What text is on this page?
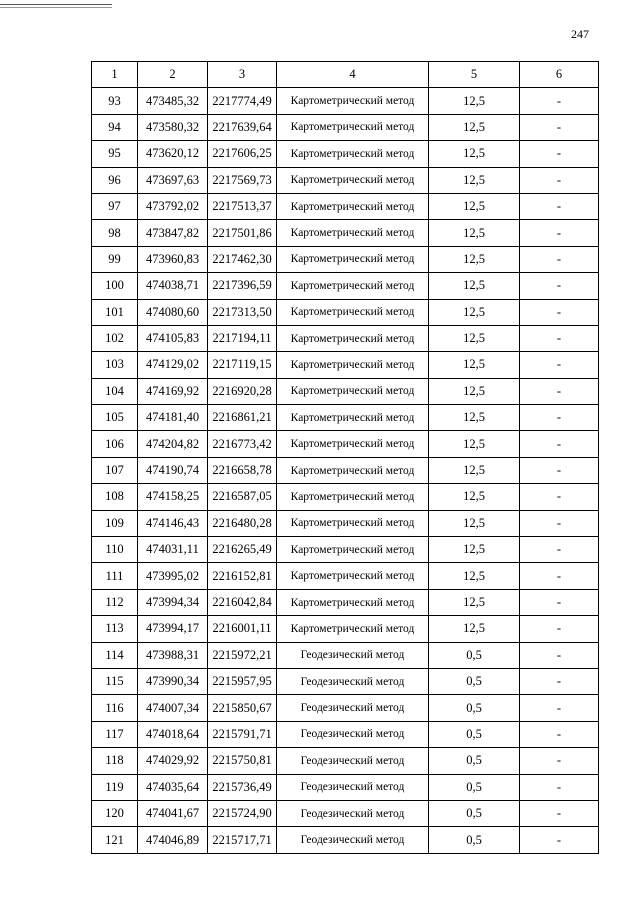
247
1	2	3	4	5	6
93	473485,32	2217774,49	Картометрический метод	12,5	-
94	473580,32	2217639,64	Картометрический метод	12,5	-
95	473620,12	2217606,25	Картометрический метод	12,5	-
96	473697,63	2217569,73	Картометрический метод	12,5	-
97	473792,02	2217513,37	Картометрический метод	12,5	-
98	473847,82	2217501,86	Картометрический метод	12,5	-
99	473960,83	2217462,30	Картометрический метод	12,5	-
100	474038,71	2217396,59	Картометрический метод	12,5	-
101	474080,60	2217313,50	Картометрический метод	12,5	-
102	474105,83	2217194,11	Картометрический метод	12,5	-
103	474129,02	2217119,15	Картометрический метод	12,5	-
104	474169,92	2216920,28	Картометрический метод	12,5	-
105	474181,40	2216861,21	Картометрический метод	12,5	-
106	474204,82	2216773,42	Картометрический метод	12,5	-
107	474190,74	2216658,78	Картометрический метод	12,5	-
108	474158,25	2216587,05	Картометрический метод	12,5	-
109	474146,43	2216480,28	Картометрический метод	12,5	-
110	474031,11	2216265,49	Картометрический метод	12,5	-
111	473995,02	2216152,81	Картометрический метод	12,5	-
112	473994,34	2216042,84	Картометрический метод	12,5	-
113	473994,17	2216001,11	Картометрический метод	12,5	-
114	473988,31	2215972,21	Геодезический метод	0,5	-
115	473990,34	2215957,95	Геодезический метод	0,5	-
116	474007,34	2215850,67	Геодезический метод	0,5	-
117	474018,64	2215791,71	Геодезический метод	0,5	-
118	474029,92	2215750,81	Геодезический метод	0,5	-
119	474035,64	2215736,49	Геодезический метод	0,5	-
120	474041,67	2215724,90	Геодезический метод	0,5	-
121	474046,89	2215717,71	Геодезический метод	0,5	-
